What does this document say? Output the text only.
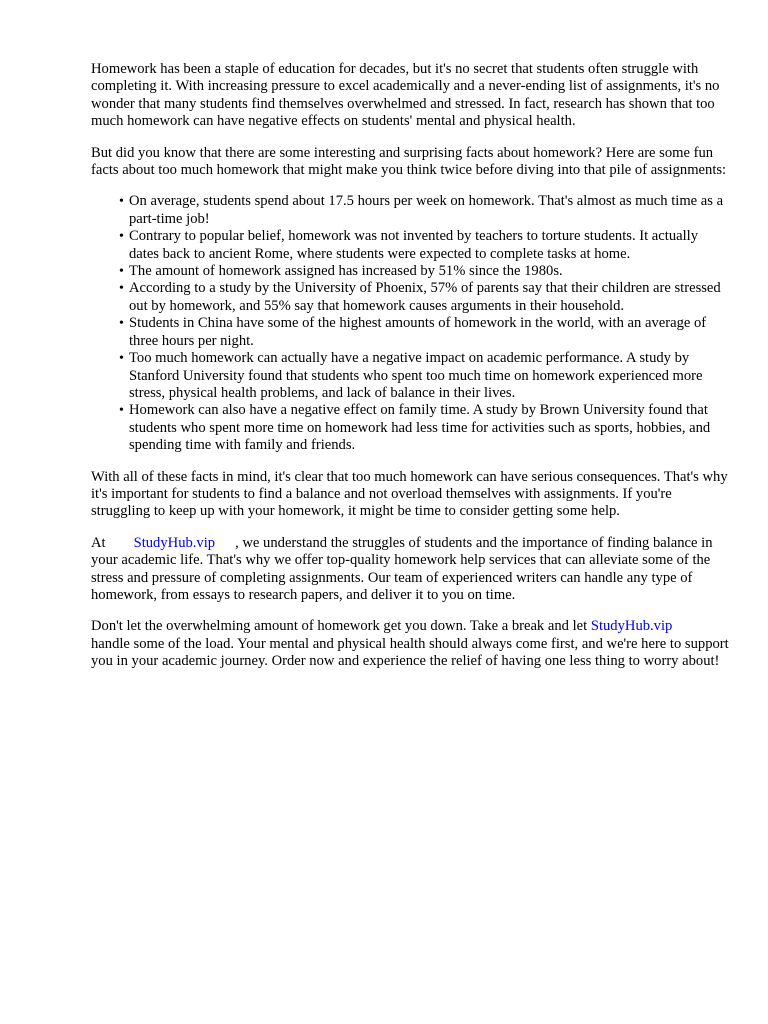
Homework has been a staple of education for decades, but it's no secret that students often struggle with completing it. With increasing pressure to excel academically and a never-ending list of assignments, it's no wonder that many students find themselves overwhelmed and stressed. In fact, research has shown that too much homework can have negative effects on students' mental and physical health.

But did you know that there are some interesting and surprising facts about homework? Here are some fun facts about too much homework that might make you think twice before diving into that pile of assignments:

• On average, students spend about 17.5 hours per week on homework. That's almost as much time as a part-time job!
• Contrary to popular belief, homework was not invented by teachers to torture students. It actually dates back to ancient Rome, where students were expected to complete tasks at home.
• The amount of homework assigned has increased by 51% since the 1980s.
• According to a study by the University of Phoenix, 57% of parents say that their children are stressed out by homework, and 55% say that homework causes arguments in their household.
• Students in China have some of the highest amounts of homework in the world, with an average of three hours per night.
• Too much homework can actually have a negative impact on academic performance. A study by Stanford University found that students who spent too much time on homework experienced more stress, physical health problems, and lack of balance in their lives.
• Homework can also have a negative effect on family time. A study by Brown University found that students who spent more time on homework had less time for activities such as sports, hobbies, and spending time with family and friends.

With all of these facts in mind, it's clear that too much homework can have serious consequences. That's why it's important for students to find a balance and not overload themselves with assignments. If you're struggling to keep up with your homework, it might be time to consider getting some help.

At StudyHub.vip , we understand the struggles of students and the importance of finding balance in your academic life. That's why we offer top-quality homework help services that can alleviate some of the stress and pressure of completing assignments. Our team of experienced writers can handle any type of homework, from essays to research papers, and deliver it to you on time.

Don't let the overwhelming amount of homework get you down. Take a break and let StudyHub.viphandle some of the load. Your mental and physical health should always come first, and we're here to support you in your academic journey. Order now and experience the relief of having one less thing to worry about!
